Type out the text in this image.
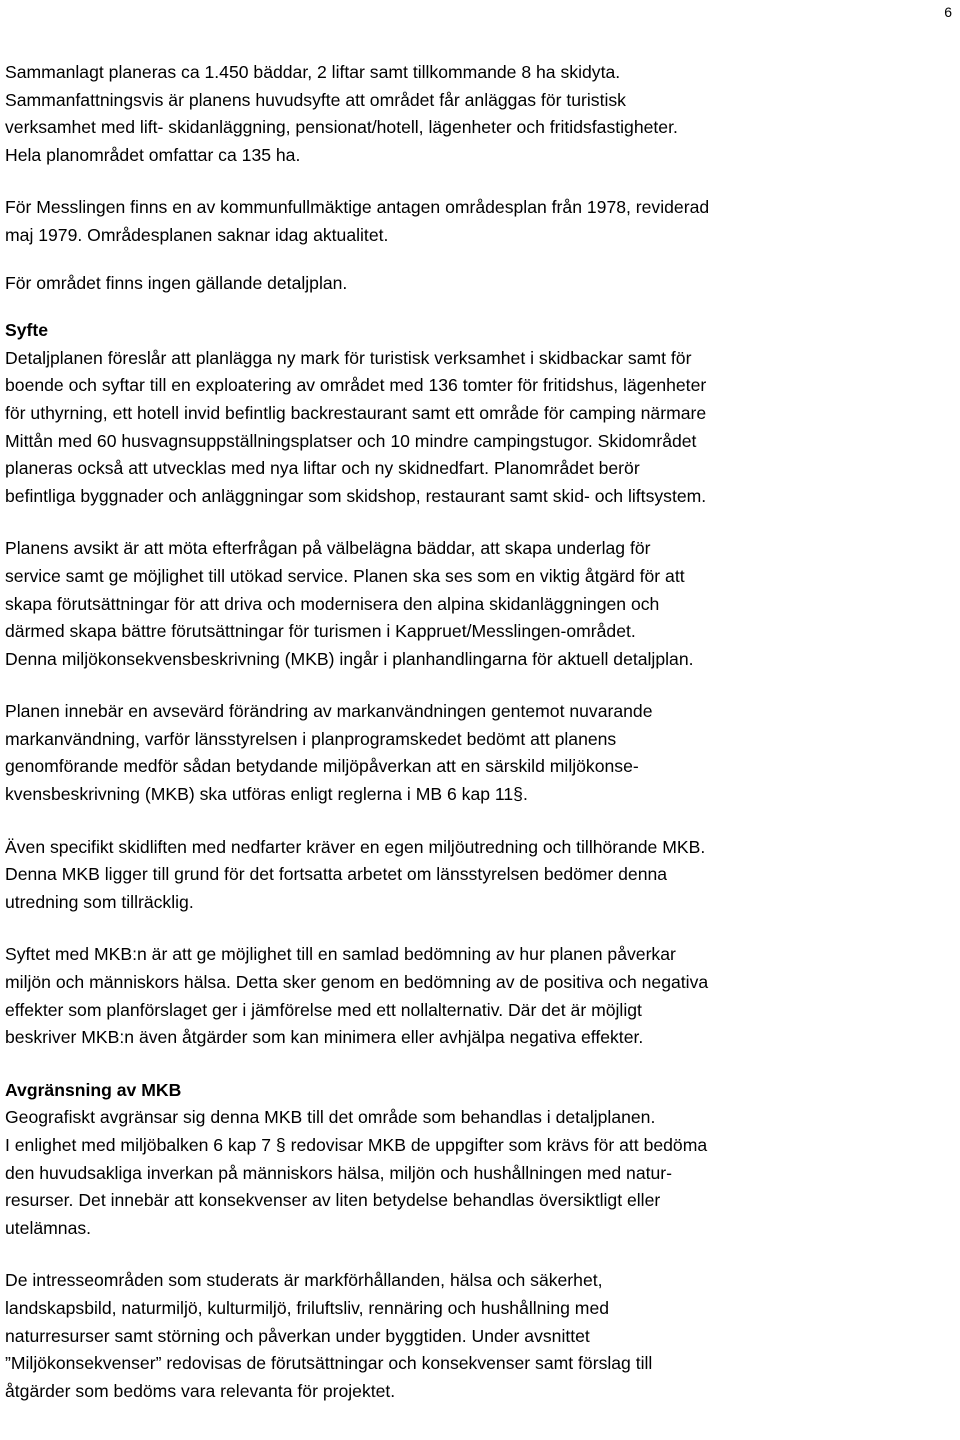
6
Sammanlagt planeras ca 1.450 bäddar, 2 liftar samt tillkommande 8 ha skidyta.
Sammanfattningsvis är planens huvudsyfte att området får anläggas för turistisk
verksamhet med lift- skidanläggning, pensionat/hotell, lägenheter och fritidsfastigheter.
Hela planområdet omfattar ca 135 ha.
För Messlingen finns en av kommunfullmäktige antagen områdesplan från 1978, reviderad
maj 1979. Områdesplanen saknar idag aktualitet.
För området finns ingen gällande detaljplan.
Syfte
Detaljplanen föreslår att planlägga ny mark för turistisk verksamhet i skidbackar samt för
boende och syftar till en exploatering av området med 136 tomter för fritidshus, lägenheter
för uthyrning, ett hotell invid befintlig backrestaurant samt ett område för camping närmare
Mittån med 60 husvagnsuppställningsplatser och 10 mindre campingstugor. Skidområdet
planeras också att utvecklas med nya liftar och ny skidnedfart. Planområdet berör
befintliga byggnader och anläggningar som skidshop, restaurant samt skid- och liftsystem.
Planens avsikt är att möta efterfrågan på välbelägna bäddar, att skapa underlag för
service samt ge möjlighet till utökad service. Planen ska ses som en viktig åtgärd för att
skapa förutsättningar för att driva och modernisera den alpina skidanläggningen och
därmed skapa bättre förutsättningar för turismen i Kappruet/Messlingen-området.
Denna miljökonsekvensbeskrivning (MKB) ingår i planhandlingarna för aktuell detaljplan.
Planen innebär en avsevärd förändring av markanvändningen gentemot nuvarande
markanvändning, varför länsstyrelsen i planprogramskedet bedömt att planens
genomförande medför sådan betydande miljöpåverkan att en särskild miljökonse-
kvensbeskrivning (MKB) ska utföras enligt reglerna i MB 6 kap 11§.
Även specifikt skidliften med nedfarter kräver en egen miljöutredning och tillhörande MKB.
Denna MKB ligger till grund för det fortsatta arbetet om länsstyrelsen bedömer denna
utredning som tillräcklig.
Syftet med MKB:n är att ge möjlighet till en samlad bedömning av hur planen påverkar
miljön och människors hälsa. Detta sker genom en bedömning av de positiva och negativa
effekter som planförslaget ger i jämförelse med ett nollalternativ. Där det är möjligt
beskriver MKB:n även åtgärder som kan minimera eller avhjälpa negativa effekter.
Avgränsning av MKB
Geografiskt avgränsar sig denna MKB till det område som behandlas i detaljplanen.
I enlighet med miljöbalken 6 kap 7 § redovisar MKB de uppgifter som krävs för att bedöma
den huvudsakliga inverkan på människors hälsa, miljön och hushållningen med natur-
resurser. Det innebär att konsekvenser av liten betydelse behandlas översiktligt eller
utelämnas.
De intresseområden som studerats är markförhållanden, hälsa och säkerhet,
landskapsbild, naturmiljö, kulturmiljö, friluftsliv, rennäring och hushållning med
naturresurser samt störning och påverkan under byggtiden. Under avsnittet
”Miljökonsekvenser” redovisas de förutsättningar och konsekvenser samt förslag till
åtgärder som bedöms vara relevanta för projektet.
